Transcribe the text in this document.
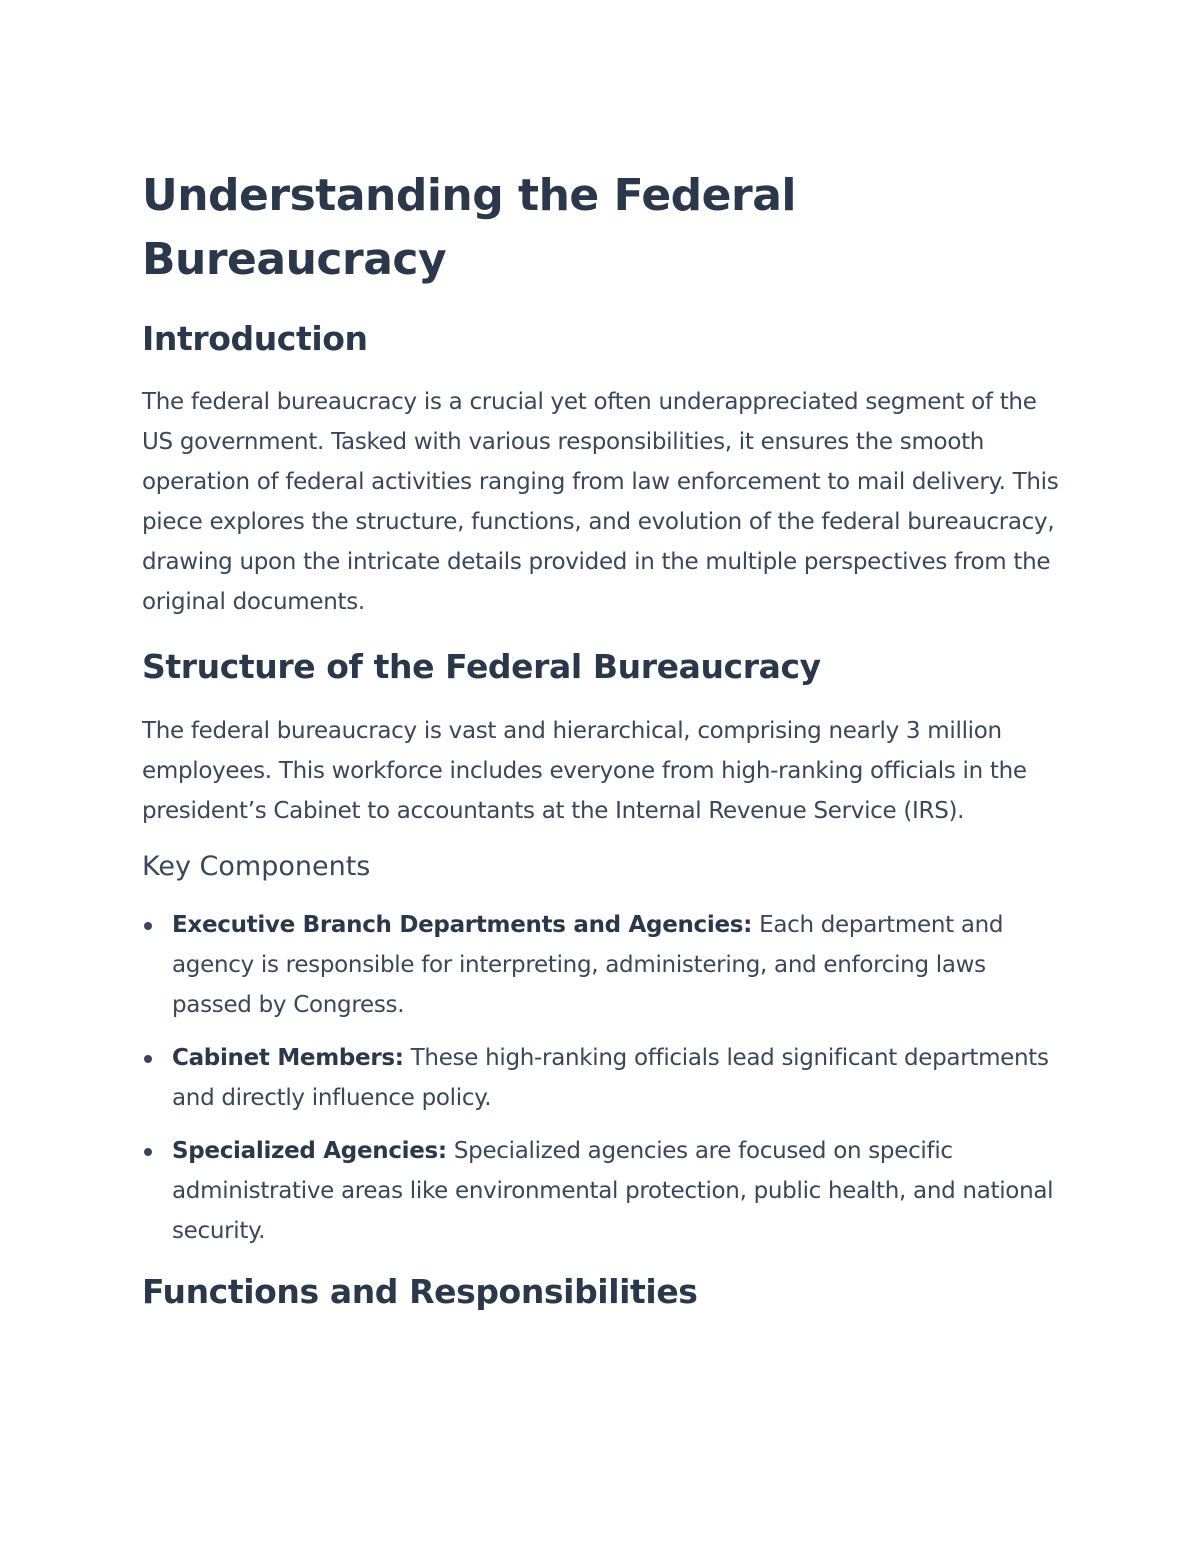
Understanding the Federal
Bureaucracy
Introduction

The federal bureaucracy is a crucial yet often underappreciated segment of the US government. Tasked with various responsibilities, it ensures the smooth operation of federal activities ranging from law enforcement to mail delivery. This piece explores the structure, functions, and evolution of the federal bureaucracy, drawing upon the intricate details provided in the multiple perspectives from the original documents.

Structure of the Federal Bureaucracy

The federal bureaucracy is vast and hierarchical, comprising nearly 3 million employees. This workforce includes everyone from high-ranking officials in the president’s Cabinet to accountants at the Internal Revenue Service (IRS).

Key Components
Executive Branch Departments and Agencies: Each department and agency is responsible for interpreting, administering, and enforcing laws passed by Congress.
Cabinet Members: These high-ranking officials lead significant departments and directly influence policy.
Specialized Agencies: Specialized agencies are focused on specific administrative areas like environmental protection, public health, and national security.
Functions and Responsibilities
